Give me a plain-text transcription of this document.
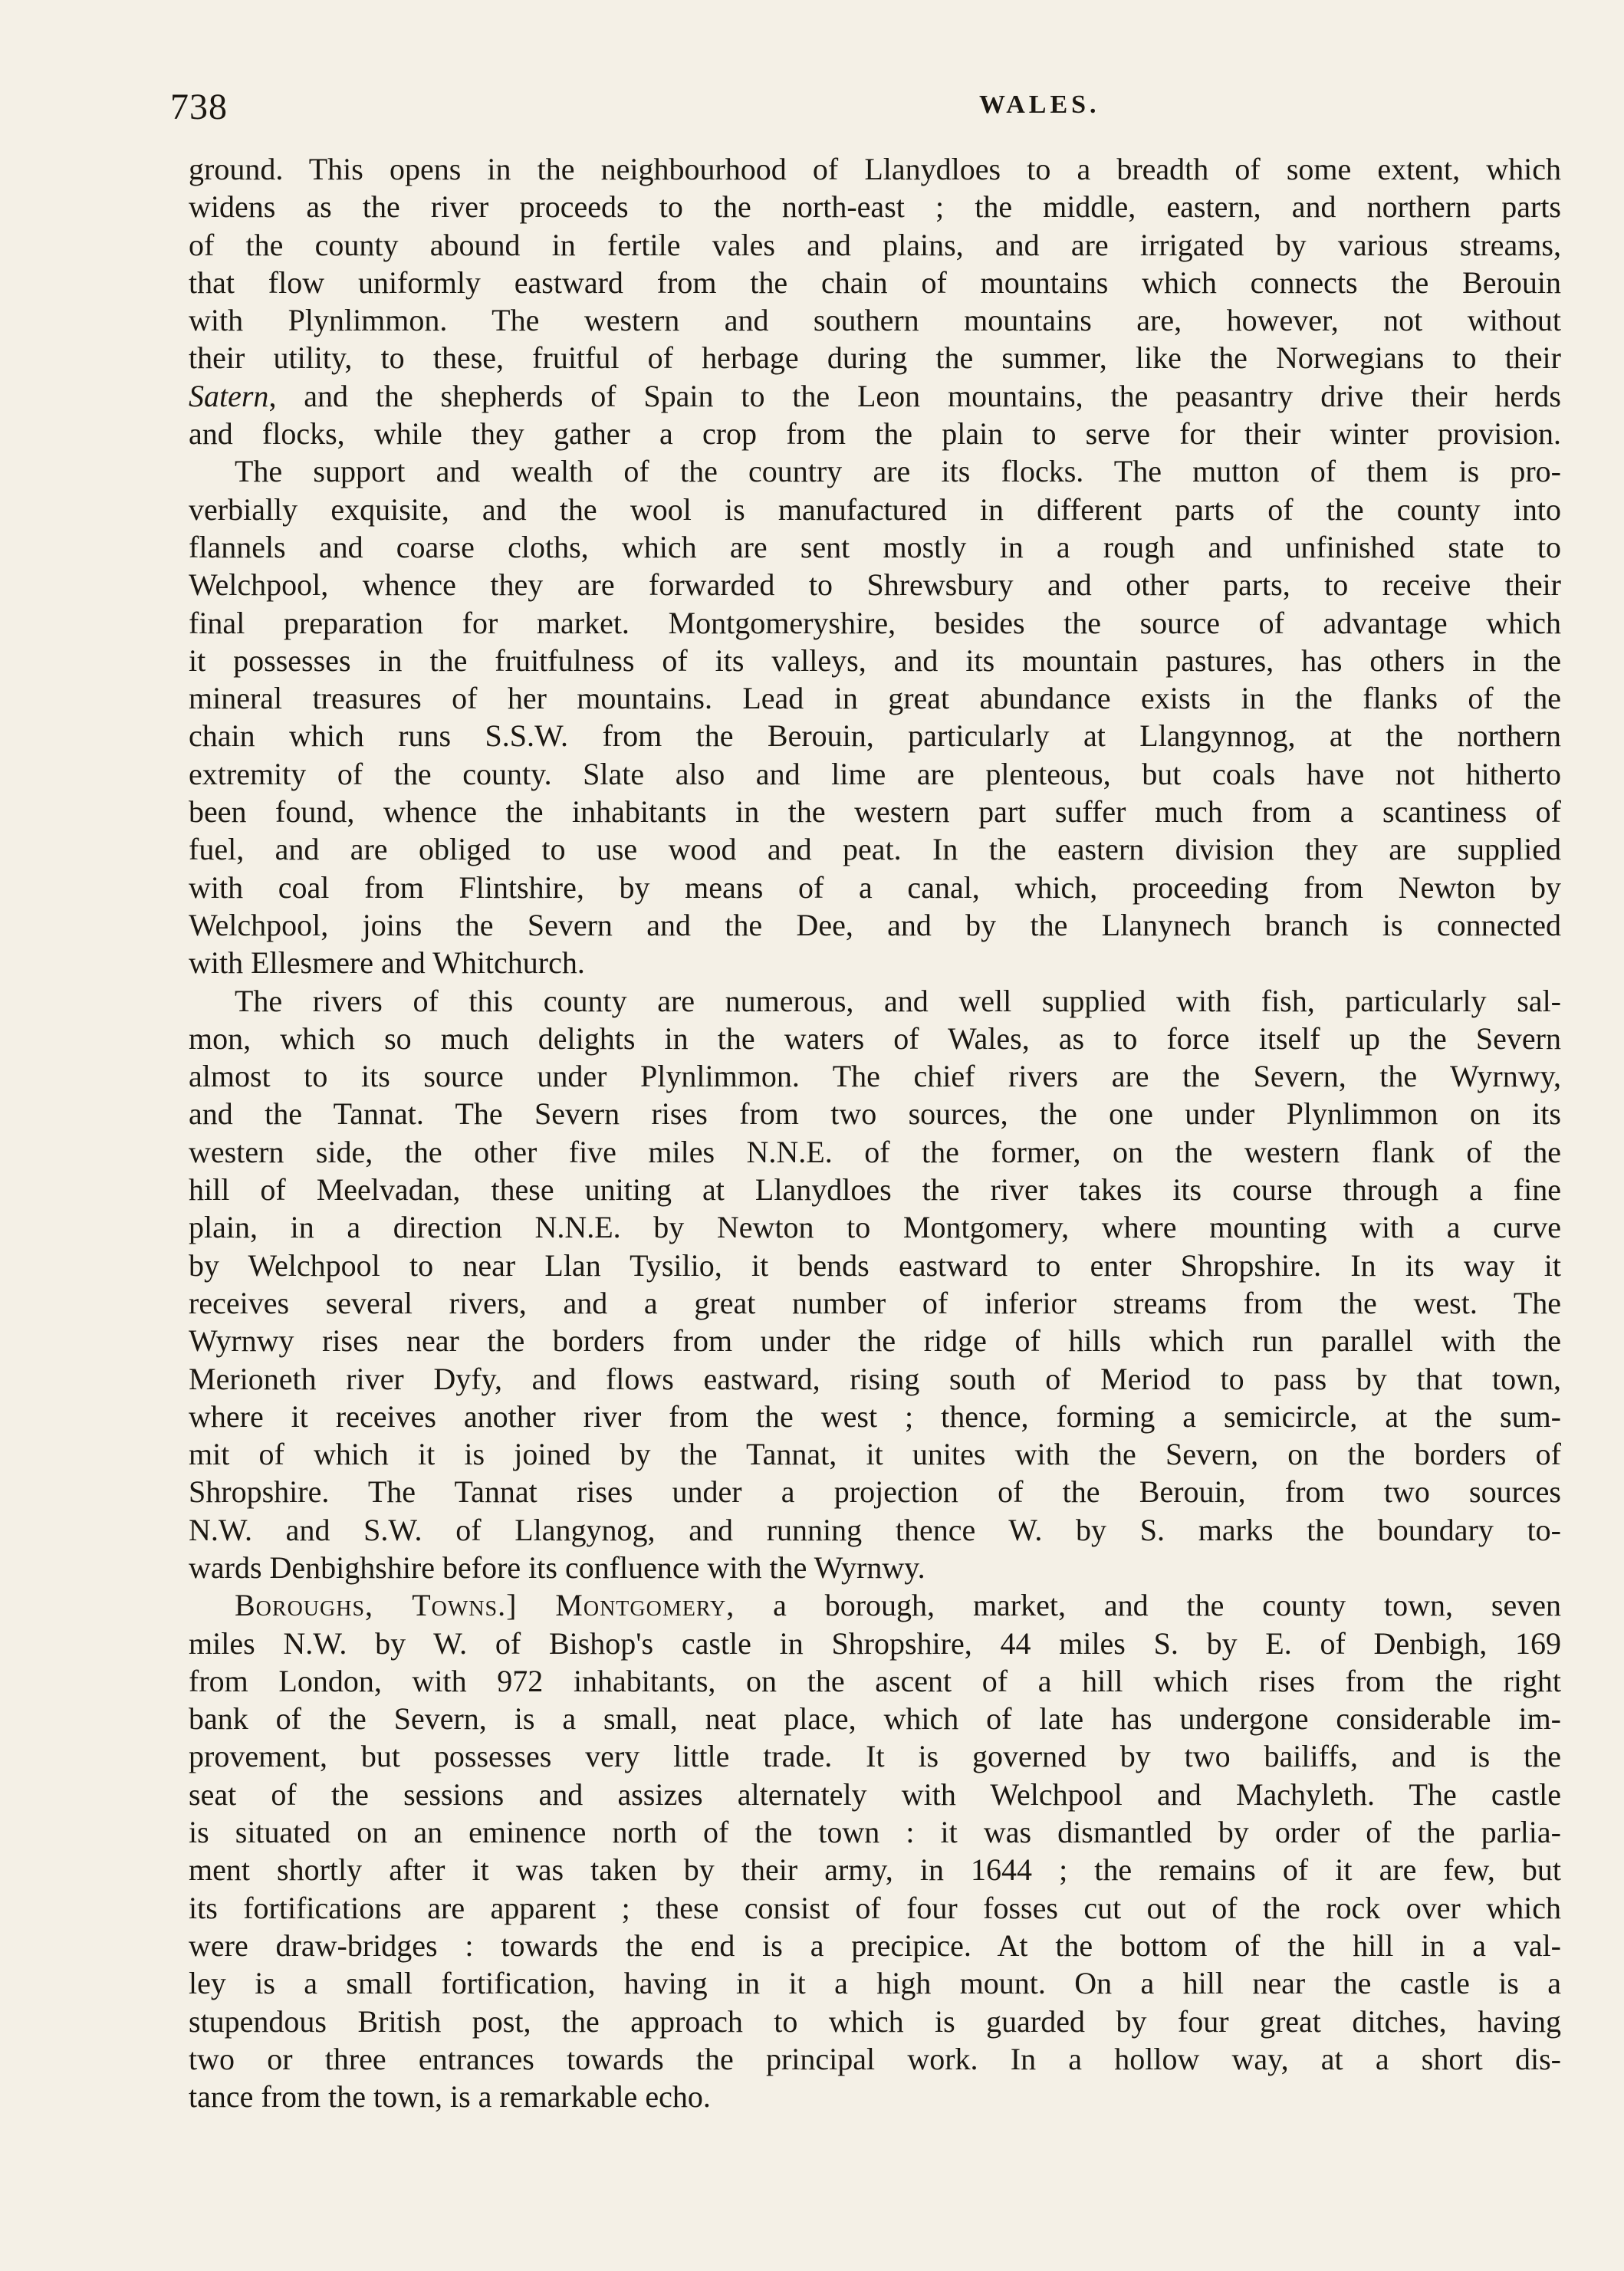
738	WALES.

ground. This opens in the neighbourhood of Llanydloes to a breadth of some extent, which
widens as the river proceeds to the north-east ; the middle, eastern, and northern parts
of the county abound in fertile vales and plains, and are irrigated by various streams,
that flow uniformly eastward from the chain of mountains which connects the Berouin
with Plynlimmon. The western and southern mountains are, however, not without
their utility, to these, fruitful of herbage during the summer, like the Norwegians to their
Satern, and the shepherds of Spain to the Leon mountains, the peasantry drive their herds
and flocks, while they gather a crop from the plain to serve for their winter provision.

The support and wealth of the country are its flocks. The mutton of them is pro-
verbially exquisite, and the wool is manufactured in different parts of the county into
flannels and coarse cloths, which are sent mostly in a rough and unfinished state to
Welchpool, whence they are forwarded to Shrewsbury and other parts, to receive their
final preparation for market. Montgomeryshire, besides the source of advantage which
it possesses in the fruitfulness of its valleys, and its mountain pastures, has others in the
mineral treasures of her mountains. Lead in great abundance exists in the flanks of the
chain which runs S.S.W. from the Berouin, particularly at Llangynnog, at the northern
extremity of the county. Slate also and lime are plenteous, but coals have not hitherto
been found, whence the inhabitants in the western part suffer much from a scantiness of
fuel, and are obliged to use wood and peat. In the eastern division they are supplied
with coal from Flintshire, by means of a canal, which, proceeding from Newton by
Welchpool, joins the Severn and the Dee, and by the Llanynech branch is connected
with Ellesmere and Whitchurch.

The rivers of this county are numerous, and well supplied with fish, particularly sal-
mon, which so much delights in the waters of Wales, as to force itself up the Severn
almost to its source under Plynlimmon. The chief rivers are the Severn, the Wyrnwy,
and the Tannat. The Severn rises from two sources, the one under Plynlimmon on its
western side, the other five miles N.N.E. of the former, on the western flank of the
hill of Meelvadan, these uniting at Llanydloes the river takes its course through a fine
plain, in a direction N.N.E. by Newton to Montgomery, where mounting with a curve
by Welchpool to near Llan Tysilio, it bends eastward to enter Shropshire. In its way it
receives several rivers, and a great number of inferior streams from the west. The
Wyrnwy rises near the borders from under the ridge of hills which run parallel with the
Merioneth river Dyfy, and flows eastward, rising south of Meriod to pass by that town,
where it receives another river from the west ; thence, forming a semicircle, at the sum-
mit of which it is joined by the Tannat, it unites with the Severn, on the borders of
Shropshire. The Tannat rises under a projection of the Berouin, from two sources
N.W. and S.W. of Llangynog, and running thence W. by S. marks the boundary to-
wards Denbighshire before its confluence with the Wyrnwy.

Boroughs, Towns.] Montgomery, a borough, market, and the county town, seven
miles N.W. by W. of Bishop's castle in Shropshire, 44 miles S. by E. of Denbigh, 169
from London, with 972 inhabitants, on the ascent of a hill which rises from the right
bank of the Severn, is a small, neat place, which of late has undergone considerable im-
provement, but possesses very little trade. It is governed by two bailiffs, and is the
seat of the sessions and assizes alternately with Welchpool and Machyleth. The castle
is situated on an eminence north of the town : it was dismantled by order of the parlia-
ment shortly after it was taken by their army, in 1644 ; the remains of it are few, but
its fortifications are apparent ; these consist of four fosses cut out of the rock over which
were draw-bridges : towards the end is a precipice. At the bottom of the hill in a val-
ley is a small fortification, having in it a high mount. On a hill near the castle is a
stupendous British post, the approach to which is guarded by four great ditches, having
two or three entrances towards the principal work. In a hollow way, at a short dis-
tance from the town, is a remarkable echo.
